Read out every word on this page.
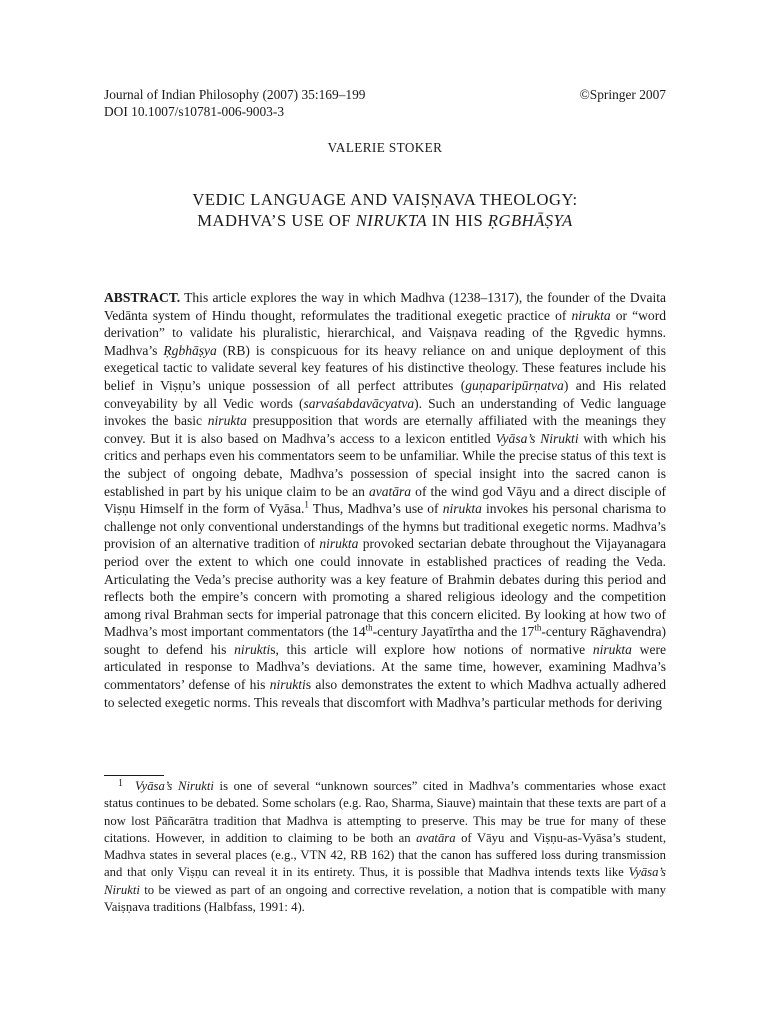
Journal of Indian Philosophy (2007) 35:169–199	©Springer 2007
DOI 10.1007/s10781-006-9003-3
VALERIE STOKER
VEDIC LANGUAGE AND VAIṢṆAVA THEOLOGY:
MADHVA’S USE OF NIRUKTA IN HIS ṚGBHĀṢYA

ABSTRACT. This article explores the way in which Madhva (1238–1317), the founder of the Dvaita Vedānta system of Hindu thought, reformulates the traditional exegetic practice of nirukta or “word derivation” to validate his pluralistic, hierarchical, and Vaiṣṇava reading of the Ṛgvedic hymns. Madhva’s Ṛgbhāṣya (RB) is conspicuous for its heavy reliance on and unique deployment of this exegetical tactic to validate several key features of his distinctive theology. These features include his belief in Viṣṇu’s unique possession of all perfect attributes (guṇaparipūrṇatva) and His related conveyability by all Vedic words (sarvaśabdavācyatva). Such an understanding of Vedic language invokes the basic nirukta presupposition that words are eternally affiliated with the meanings they convey. But it is also based on Madhva’s access to a lexicon entitled Vyāsa’s Nirukti with which his critics and perhaps even his commentators seem to be unfamiliar. While the precise status of this text is the subject of ongoing debate, Madhva’s possession of special insight into the sacred canon is established in part by his unique claim to be an avatāra of the wind god Vāyu and a direct disciple of Viṣṇu Himself in the form of Vyāsa.$^1$ Thus, Madhva’s use of nirukta invokes his personal charisma to challenge not only conventional understandings of the hymns but traditional exegetic norms. Madhva’s provision of an alternative tradition of nirukta provoked sectarian debate throughout the Vijayanagara period over the extent to which one could innovate in established practices of reading the Veda. Articulating the Veda’s precise authority was a key feature of Brahmin debates during this period and reflects both the empire’s concern with promoting a shared religious ideology and the competition among rival Brahman sects for imperial patronage that this concern elicited. By looking at how two of Madhva’s most important commentators (the 14th-century Jayatīrtha and the 17th-century Rāghavendra) sought to defend his niruktis, this article will explore how notions of normative nirukta were articulated in response to Madhva’s deviations. At the same time, however, examining Madhva’s commentators’ defense of his niruktis also demonstrates the extent to which Madhva actually adhered to selected exegetic norms. This reveals that discomfort with Madhva’s particular methods for deriving

1 Vyāsa’s Nirukti is one of several “unknown sources” cited in Madhva’s commentaries whose exact status continues to be debated. Some scholars (e.g. Rao, Sharma, Siauve) maintain that these texts are part of a now lost Pāñcarātra tradition that Madhva is attempting to preserve. This may be true for many of these citations. However, in addition to claiming to be both an avatāra of Vāyu and Viṣṇu-as-Vyāsa’s student, Madhva states in several places (e.g., VTN 42, RB 162) that the canon has suffered loss during transmission and that only Viṣṇu can reveal it in its entirety. Thus, it is possible that Madhva intends texts like Vyāsa’s Nirukti to be viewed as part of an ongoing and corrective revelation, a notion that is compatible with many Vaiṣṇava traditions (Halbfass, 1991: 4).
